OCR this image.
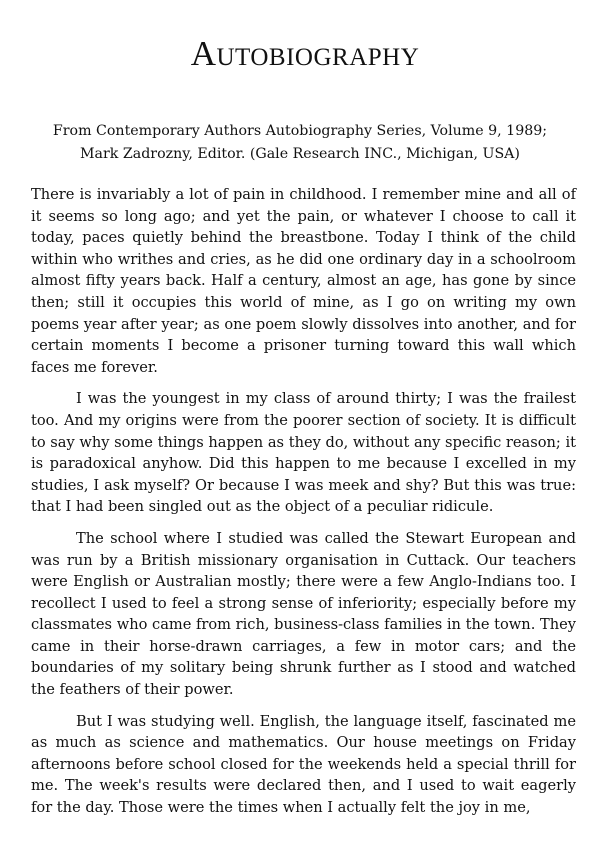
Autobiography
From Contemporary Authors Autobiography Series, Volume 9, 1989;
Mark Zadrozny, Editor. (Gale Research INC., Michigan, USA)

There is invariably a lot of pain in childhood. I remember mine and all of it seems so long ago; and yet the pain, or whatever I choose to call it today, paces quietly behind the breastbone. Today I think of the child within who writhes and cries, as he did one ordinary day in a schoolroom almost fifty years back. Half a century, almost an age, has gone by since then; still it occupies this world of mine, as I go on writing my own poems year after year; as one poem slowly dissolves into another, and for certain moments I become a prisoner turning toward this wall which faces me forever.

I was the youngest in my class of around thirty; I was the frailest too. And my origins were from the poorer section of society. It is difficult to say why some things happen as they do, without any specific reason; it is paradoxical anyhow. Did this happen to me because I excelled in my studies, I ask myself? Or because I was meek and shy? But this was true: that I had been singled out as the object of a peculiar ridicule.

The school where I studied was called the Stewart European and was run by a British missionary organisation in Cuttack. Our teachers were English or Australian mostly; there were a few Anglo-Indians too. I recollect I used to feel a strong sense of inferiority; especially before my classmates who came from rich, business-class families in the town. They came in their horse-drawn carriages, a few in motor cars; and the boundaries of my solitary being shrunk further as I stood and watched the feathers of their power.

But I was studying well. English, the language itself, fascinated me as much as science and mathematics. Our house meetings on Friday afternoons before school closed for the weekends held a special thrill for me. The week's results were declared then, and I used to wait eagerly for the day. Those were the times when I actually felt the joy in me,
